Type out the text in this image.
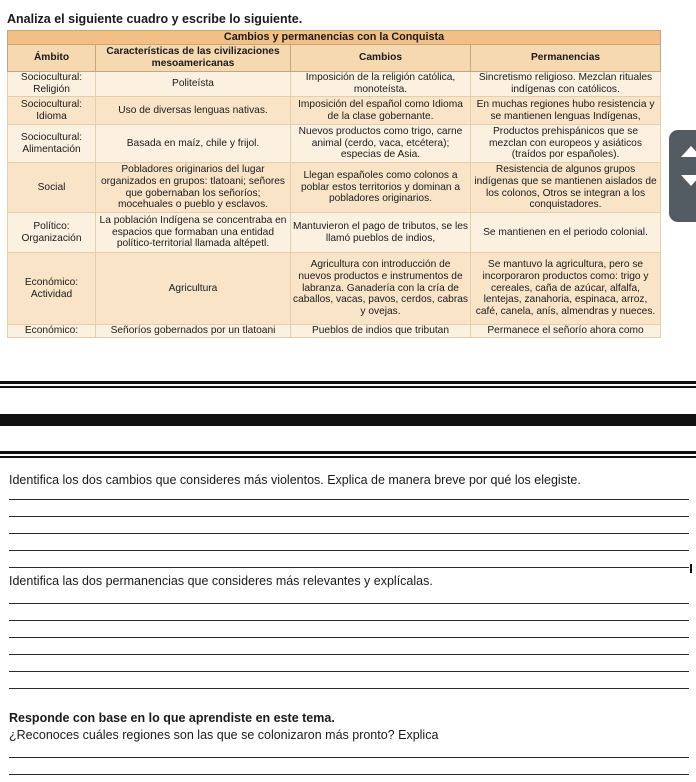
Analiza el siguiente cuadro y escribe lo siguiente.
Cambios y permanencias con la Conquista			
Ámbito	Características de las civilizaciones mesoamericanas	Cambios	Permanencias
Sociocultural: Religión	Politeísta	Imposición de la religión católica, monoteísta.	Sincretismo religioso. Mezclan rituales indígenas con católicos.
Sociocultural: Idioma	Uso de diversas lenguas nativas.	Imposición del español como Idioma de la clase gobernante.	En muchas regiones hubo resistencia y se mantienen lenguas Indígenas,
Sociocultural: Alimentación	Basada en maíz, chile y frijol.	Nuevos productos como trigo, carne animal (cerdo, vaca, etcétera); especias de Asia.	Productos prehispánicos que se mezclan con europeos y asiáticos (traídos por españoles).
Social	Pobladores originarios del lugar organizados en grupos: tlatoani; señores que gobernaban los señoríos; mocehuales o pueblo y esclavos.	Llegan españoles como colonos a poblar estos territorios y dominan a pobladores originarios.	Resistencia de algunos grupos indígenas que se mantienen aislados de los colonos, Otros se integran a los conquistadores.
Político: Organización	La población Indígena se concentraba en espacios que formaban una entidad político-territorial llamada altépetl.	Mantuvieron el pago de tributos, se les llamó pueblos de indios,	Se mantienen en el periodo colonial.
Económico: Actividad	Agricultura	Agricultura con introducción de nuevos productos e instrumentos de labranza. Ganadería con la cría de caballos, vacas, pavos, cerdos, cabras y ovejas.	Se mantuvo la agricultura, pero se incorporaron productos como: trigo y cereales, caña de azúcar, alfalfa, lentejas, zanahoria, espinaca, arroz, café, canela, anís, almendras y nueces.
Económico:	Señoríos gobernados por un tlatoani	Pueblos de indios que tributan	Permanece el señorío ahora como
Identifica los dos cambios que consideres más violentos. Explica de manera breve por qué los elegiste.
Identifica las dos permanencias que consideres más relevantes y explícalas.
Responde con base en lo que aprendiste en este tema.
¿Reconoces cuáles regiones son las que se colonizaron más pronto? Explica
